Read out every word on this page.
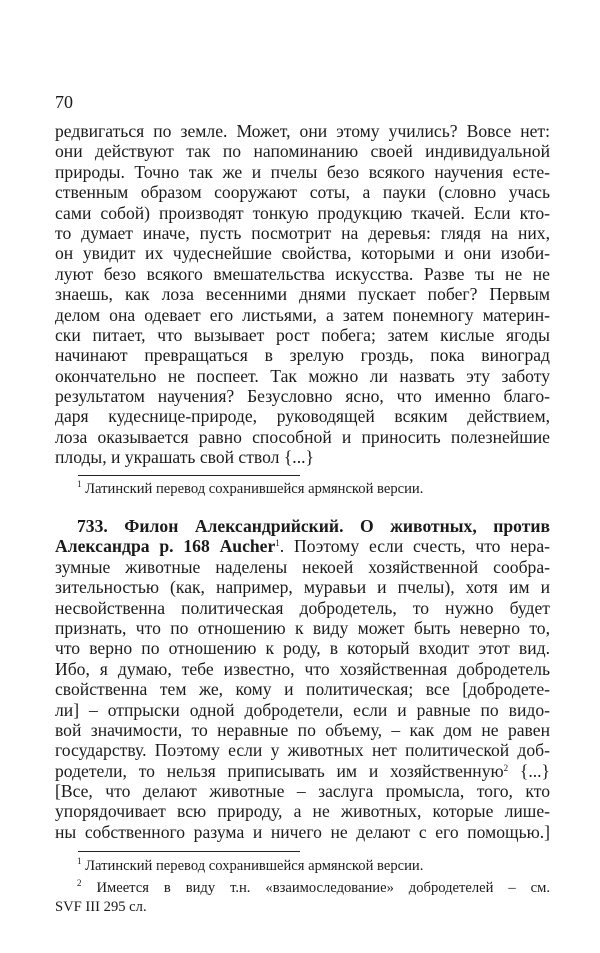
70
редвигаться по земле. Может, они этому учились? Вовсе нет:
они действуют так по напоминанию своей индивидуальной
природы. Точно так же и пчелы безо всякого научения есте-
ственным образом сооружают соты, а пауки (словно учась
сами собой) производят тонкую продукцию ткачей. Если кто-
то думает иначе, пусть посмотрит на деревья: глядя на них,
он увидит их чудеснейшие свойства, которыми и они изоби-
луют безо всякого вмешательства искусства. Разве ты не не
знаешь, как лоза весенними днями пускает побег? Первым
делом она одевает его листьями, а затем понемногу материн-
ски питает, что вызывает рост побега; затем кислые ягоды
начинают превращаться в зрелую гроздь, пока виноград
окончательно не поспеет. Так можно ли назвать эту заботу
результатом научения? Безусловно ясно, что именно благо-
даря кудеснице-природе, руководящей всяким действием,
лоза оказывается равно способной и приносить полезнейшие
плоды, и украшать свой ствол {...}
$^1$ Латинский перевод сохранившейся армянской версии.
733. Филон Александрийский. О животных, против
Александра р. 168 Aucher$^1$. Поэтому если счесть, что нера-
зумные животные наделены некоей хозяйственной сообра-
зительностью (как, например, муравьи и пчелы), хотя им и
несвойственна политическая добродетель, то нужно будет
признать, что по отношению к виду может быть неверно то,
что верно по отношению к роду, в который входит этот вид.
Ибо, я думаю, тебе известно, что хозяйственная добродетель
свойственна тем же, кому и политическая; все [добродете-
ли] – отпрыски одной добродетели, если и равные по видо-
вой значимости, то неравные по объему, – как дом не равен
государству. Поэтому если у животных нет политической доб-
родетели, то нельзя приписывать им и хозяйственную$^2$ {...}
[Все, что делают животные – заслуга промысла, того, кто
упорядочивает всю природу, а не животных, которые лише-
ны собственного разума и ничего не делают с его помощью.]
$^1$ Латинский перевод сохранившейся армянской версии.
$^2$ Имеется в виду т.н. «взаимоследование» добродетелей – см.
SVF III 295 сл.
